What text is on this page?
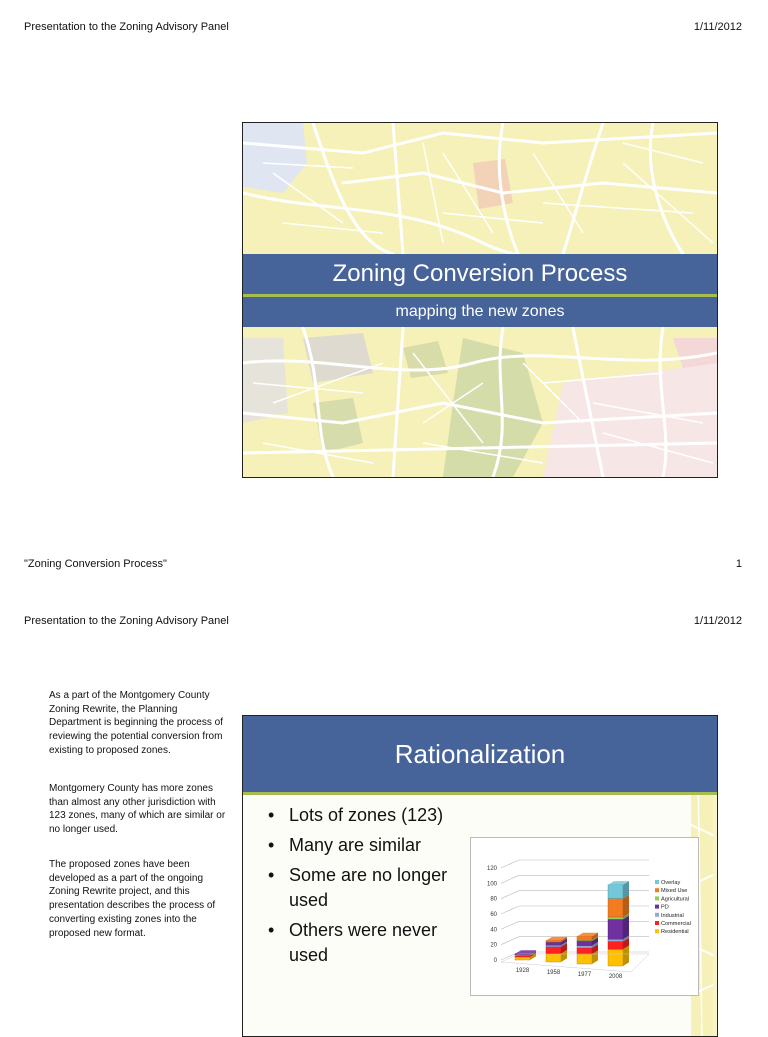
Presentation to the Zoning Advisory Panel	1/11/2012
Zoning Conversion Process
mapping the new zones
"Zoning Conversion Process"	1
Presentation to the Zoning Advisory Panel	1/11/2012
As a part of the Montgomery County Zoning Rewrite, the Planning Department is beginning the process of reviewing the potential conversion from existing to proposed zones.
Montgomery County has more zones than almost any other jurisdiction with 123 zones, many of which are similar or no longer used.
The proposed zones have been developed as a part of the ongoing Zoning Rewrite project, and this presentation describes the process of converting existing zones into the proposed new format.
Rationalization
• Lots of zones (123)
• Many are similar
• Some are no longer used
• Others were never used	0
20
40
60
80
100
120
1928	1958	1977	2008
Overlay
Mixed Use
Agricultural
PD
Industrial
Commercial
Residential
